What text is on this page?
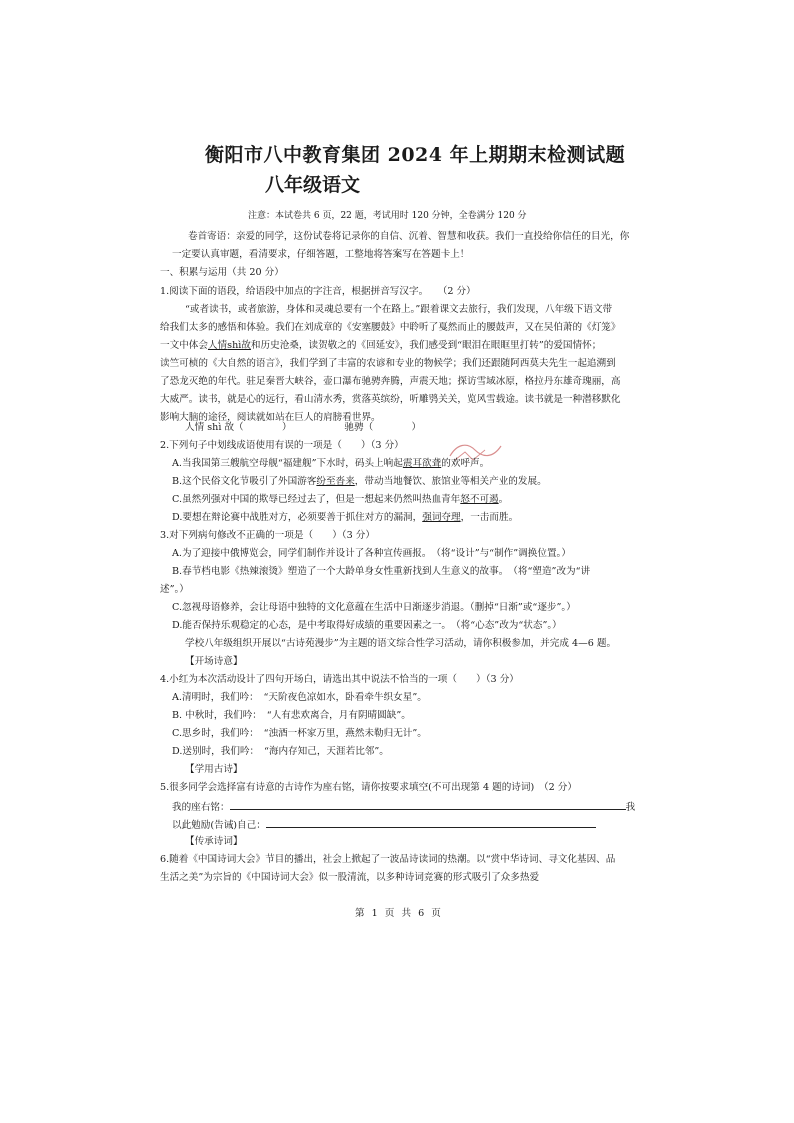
衡阳市八中教育集团 2024 年上期期末检测试题
八年级语文
注意：本试卷共 6 页，22 题，考试用时 120 分钟，全卷满分 120 分
卷首寄语：亲爱的同学，这份试卷将记录你的自信、沉着、智慧和收获。我们一直投给你信任的目光，你
一定要认真审题，看清要求，仔细答题，工整地将答案写在答题卡上！
一、积累与运用（共 20 分）
1.阅读下面的语段，给语段中加点的字注音，根据拼音写汉字。　　（2 分）
“或者读书，或者旅游，身体和灵魂总要有一个在路上。”跟着课文去旅行，我们发现，八年级下语文带
给我们太多的感悟和体验。我们在刘成章的《安塞腰鼓》中聆听了戛然而止的腰鼓声，又在吴伯萧的《灯笼》
一文中体会人情shì故和历史沧桑，读贺敬之的《回延安》，我们感受到“眼泪在眼眶里打转”的爱国情怀；
读竺可桢的《大自然的语言》，我们学到了丰富的农谚和专业的物候学；我们还跟随阿西莫夫先生一起追溯到
了恐龙灭绝的年代。驻足秦晋大峡谷，壶口瀑布驰骋奔腾，声震天地；探访雪域冰原，格拉丹东雄奇瑰丽，高
大威严。读书，就是心的远行，看山清水秀，赏落英缤纷，听雕鸮关关，览风雪载途。读书就是一种潜移默化
影响大脑的途径，阅读就如站在巨人的肩膀看世界。
人情 shì 故（　　　　）　　　　　　驰骋（　　　　）
2.下列句子中划线成语使用有误的一项是（　　）（3 分）
A.当我国第三艘航空母舰“福建舰”下水时，码头上响起震耳欲聋的欢呼声。
B.这个民俗文化节吸引了外国游客纷至沓来，带动当地餐饮、旅馆业等相关产业的发展。
C.虽然列强对中国的欺辱已经过去了，但是一想起来仍然叫热血青年怒不可遏。
D.要想在辩论赛中战胜对方，必须要善于抓住对方的漏洞，强词夺理，一击而胜。
3.对下列病句修改不正确的一项是（　　）（3 分）
A.为了迎接中俄博览会，同学们制作并设计了各种宣传画报。　（将“设计”与“制作”调换位置。）
B.春节档电影《热辣滚烫》塑造了一个大龄单身女性重新找到人生意义的故事。　（将“塑造”改为“讲
述”。）
C.忽视母语修养，会让母语中独特的文化意蕴在生活中日渐逐步消退。（删掉“日渐”或“逐步”。）
D.能否保持乐观稳定的心态，是中考取得好成绩的重要因素之一。　（将“心态”改为“状态”。）
学校八年级组织开展以“古诗苑漫步”为主题的语文综合性学习活动，请你积极参加，并完成 4—6 题。
【开场诗意】
4.小红为本次活动设计了四句开场白，请选出其中说法不恰当的一项（　　）（3 分）
A.清明时，我们吟：　“天阶夜色凉如水，卧看牵牛织女星”。
B. 中秋时，我们吟：　“人有悲欢离合，月有阴晴圆缺”。
C.思乡时，我们吟：　“浊酒一杯家万里，燕然未勒归无计”。
D.送别时，我们吟：　“海内存知己，天涯若比邻”。
【学用古诗】
5.很多同学会选择富有诗意的古诗作为座右铭，请你按要求填空(不可出现第 4 题的诗词)　（2 分）
我的座右铭：	我
以此勉励(告诫)自己：
【传承诗词】
6.随着《中国诗词大会》节目的播出，社会上掀起了一波品诗读词的热潮。以“赏中华诗词、寻文化基因、品
生活之美”为宗旨的《中国诗词大会》似一股清流，以多种诗词竞赛的形式吸引了众多热爱
第 1 页 共 6 页
